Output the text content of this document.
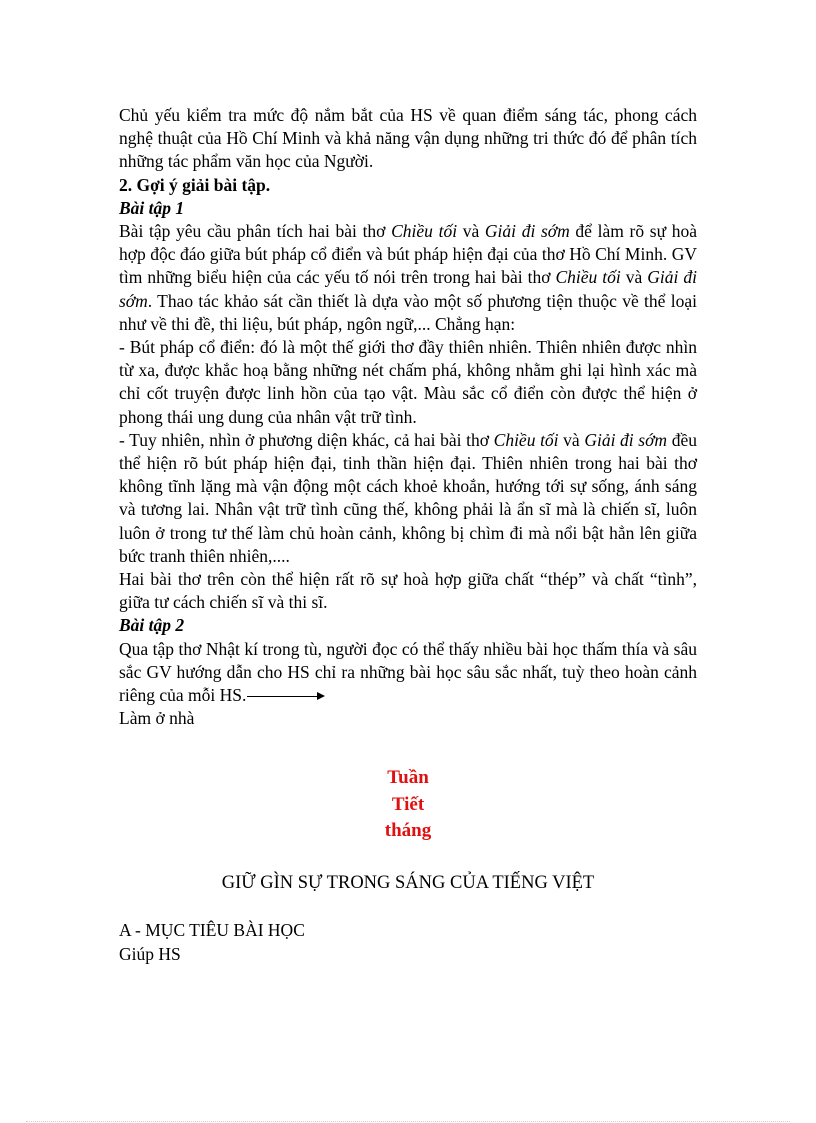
Chủ yếu kiểm tra mức độ nắm bắt của HS về quan điểm sáng tác, phong cách nghệ thuật của Hồ Chí Minh và khả năng vận dụng những tri thức đó để phân tích những tác phẩm văn học của Người.

2. Gợi ý giải bài tập.

Bài tập 1

Bài tập yêu cầu phân tích hai bài thơ Chiều tối và Giải đi sớm để làm rõ sự hoà hợp độc đáo giữa bút pháp cổ điển và bút pháp hiện đại của thơ Hồ Chí Minh. GV tìm những biểu hiện của các yếu tố nói trên trong hai bài thơ Chiều tối và Giải đi sớm. Thao tác khảo sát cần thiết là dựa vào một số phương tiện thuộc về thể loại như về thi đề, thi liệu, bút pháp, ngôn ngữ,... Chẳng hạn:

- Bút pháp cổ điển: đó là một thế giới thơ đầy thiên nhiên. Thiên nhiên được nhìn từ xa, được khắc hoạ bằng những nét chấm phá, không nhằm ghi lại hình xác mà chỉ cốt truyện được linh hồn của tạo vật. Màu sắc cổ điển còn được thể hiện ở phong thái ung dung của nhân vật trữ tình.

- Tuy nhiên, nhìn ở phương diện khác, cả hai bài thơ Chiều tối và Giải đi sớm đều thể hiện rõ bút pháp hiện đại, tinh thần hiện đại. Thiên nhiên trong hai bài thơ không tĩnh lặng mà vận động một cách khoẻ khoắn, hướng tới sự sống, ánh sáng và tương lai. Nhân vật trữ tình cũng thế, không phải là ẩn sĩ mà là chiến sĩ, luôn luôn ở trong tư thế làm chủ hoàn cảnh, không bị chìm đi mà nổi bật hẳn lên giữa bức tranh thiên nhiên,....

Hai bài thơ trên còn thể hiện rất rõ sự hoà hợp giữa chất “thép” và chất “tình”, giữa tư cách chiến sĩ và thi sĩ.

Bài tập 2

Qua tập thơ Nhật kí trong tù, người đọc có thể thấy nhiều bài học thấm thía và sâu sắc GV hướng dẫn cho HS chỉ ra những bài học sâu sắc nhất, tuỳ theo hoàn cảnh riêng của mỗi HS.

Làm ở nhà

Tuần
Tiết
tháng
GIỮ GÌN SỰ TRONG SÁNG CỦA TIẾNG VIỆT
A - MỤC TIÊU BÀI HỌC
Giúp HS
